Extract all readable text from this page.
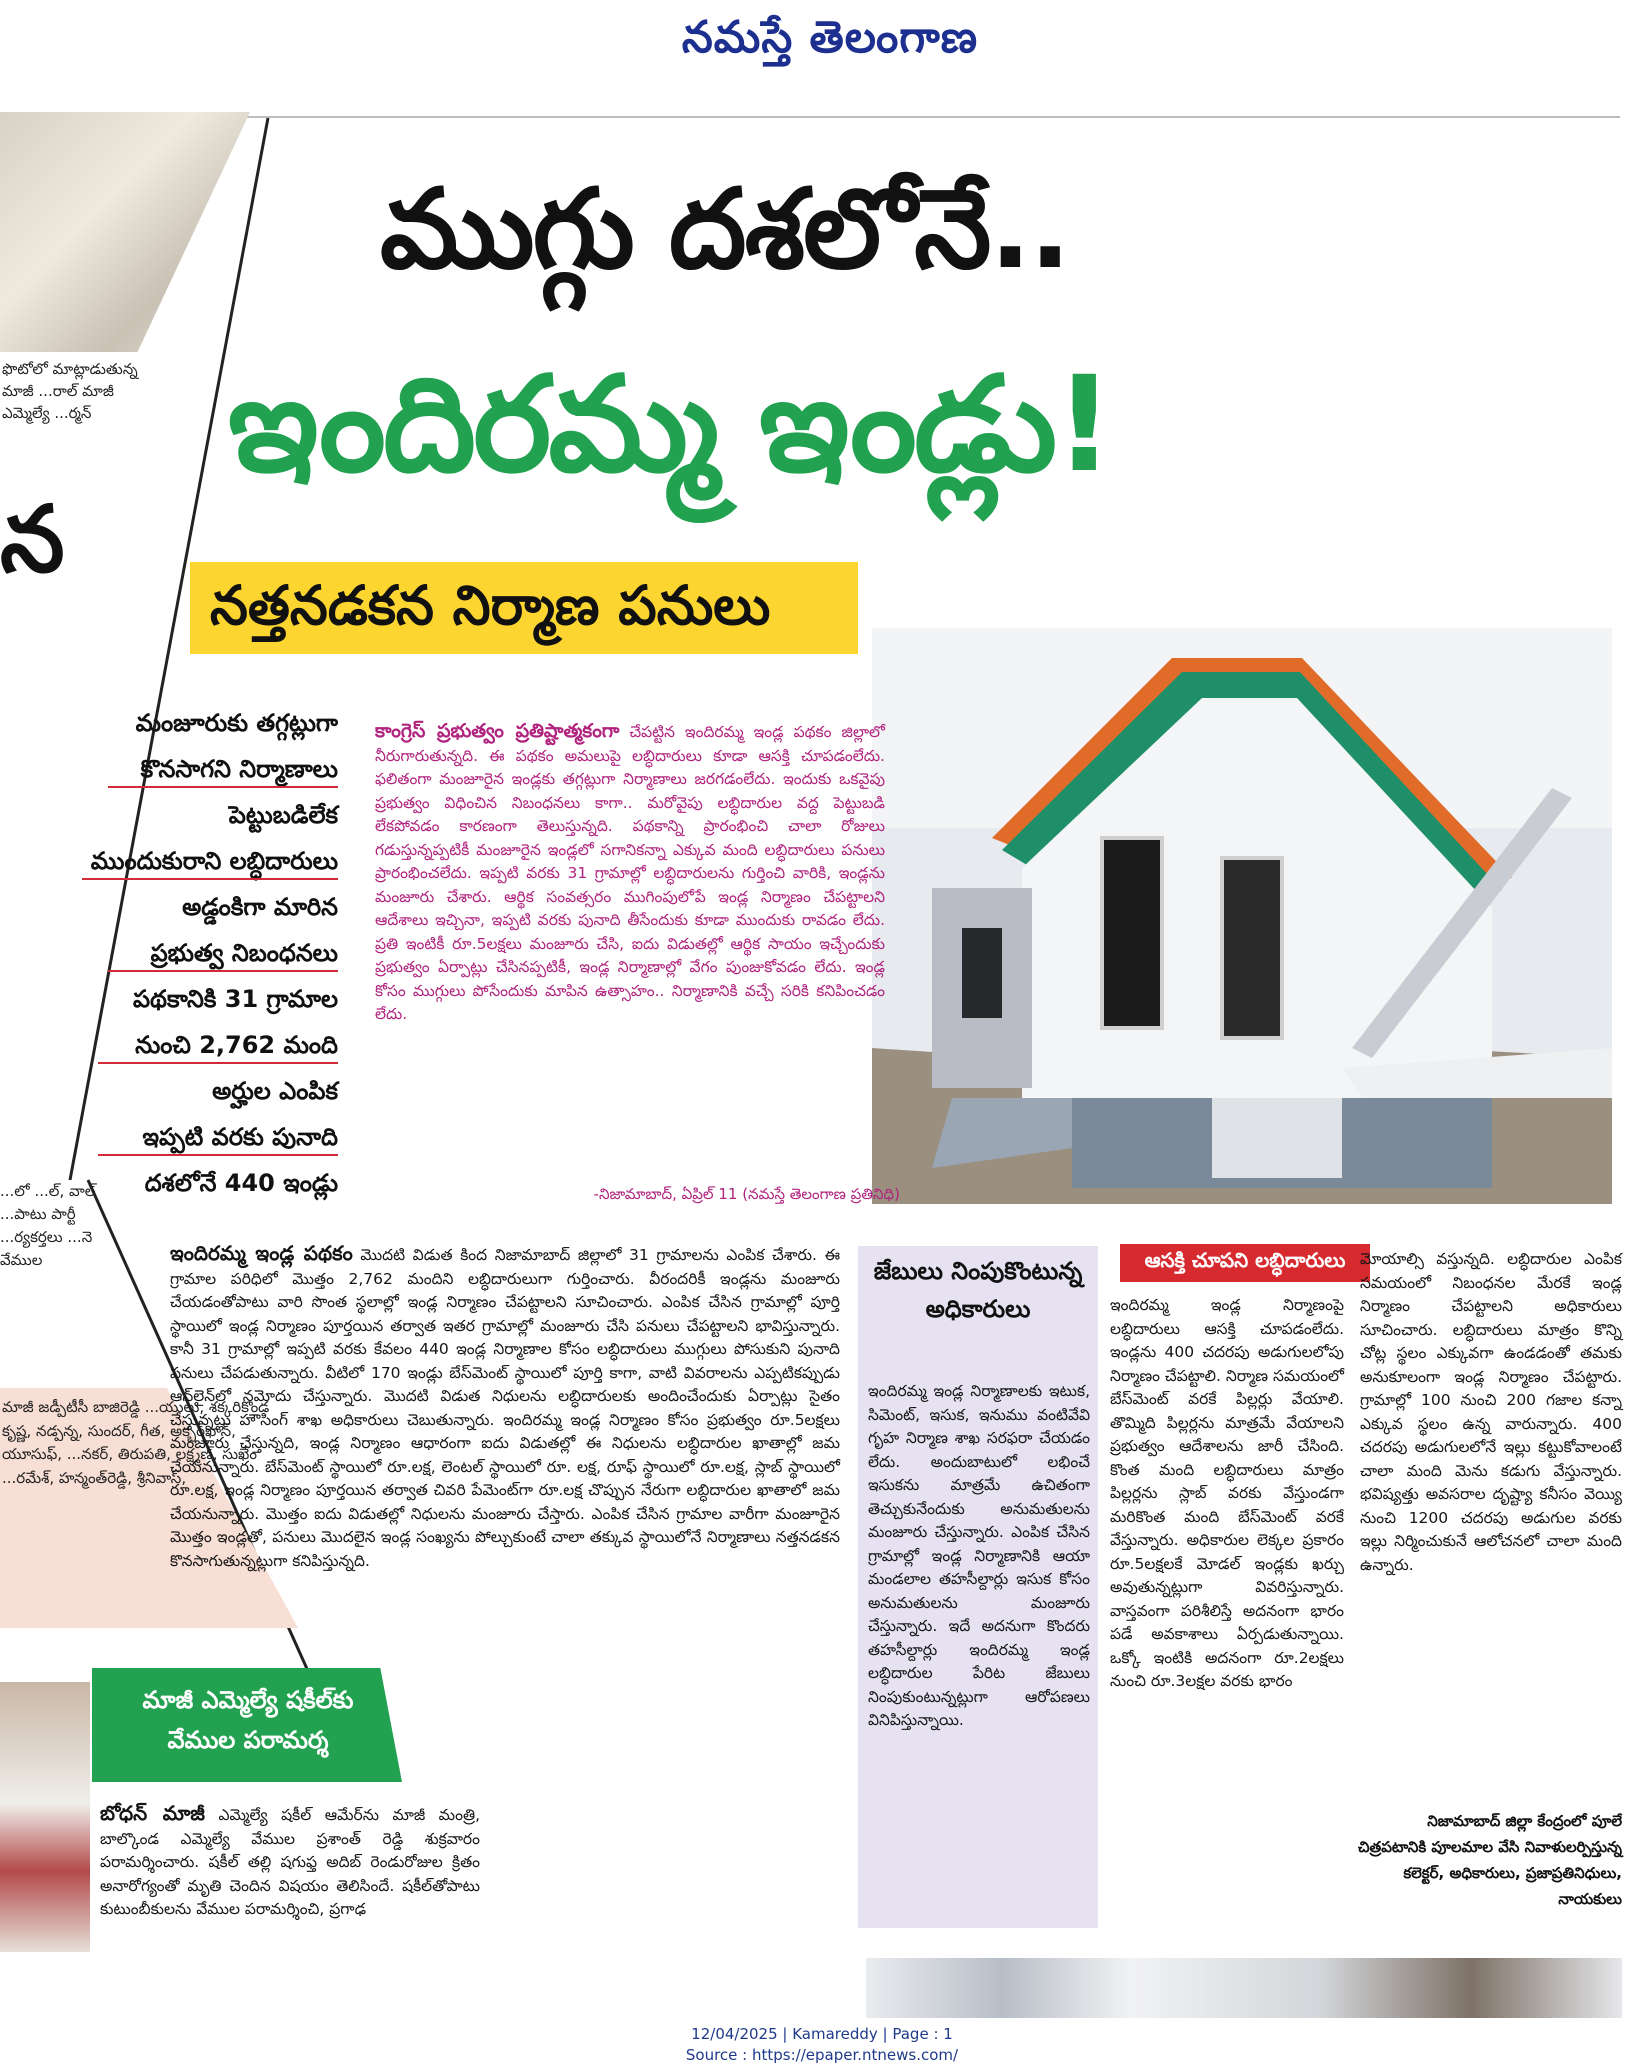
నమస్తే తెలంగాణ
ఫొటోలో మాట్లాడుతున్న మాజీ ...రాల్ మాజీ ఎమ్మెల్యే ...ర్మన్
న
...లో ...ల్, వాల్ ...పాటు పార్టీ ...ర్యకర్తలు ...నె వేముల
మాజీ జడ్పీటీసీ బాజిరెడ్డి ...యులు, శక్కరికొండ కృష్ణ, నడ్పన్న, సుందర్, గీత, అక్బర్‌ఖాన్, యూసుఫ్, ...నకర్, తిరుపతి, లక్ష్మణ్, సుఖేం ...రమేశ్, హన్మంత్‌రెడ్డి, శ్రీనివాస్,
ముగ్గు దశలోనే..
ఇందిరమ్మ ఇండ్లు!
నత్తనడకన నిర్మాణ పనులు
మంజూరుకు తగ్గట్లుగా
కొనసాగని నిర్మాణాలు
పెట్టుబడిలేక
ముందుకురాని లబ్ధిదారులు
అడ్డంకిగా మారిన
ప్రభుత్వ నిబంధనలు
పథకానికి 31 గ్రామాల
నుంచి 2,762 మంది
అర్హుల ఎంపిక
ఇప్పటి వరకు పునాది
దశలోనే 440 ఇండ్లు
కాంగ్రెస్ ప్రభుత్వం ప్రతిష్టాత్మకంగా చేపట్టిన ఇందిరమ్మ ఇండ్ల పథకం జిల్లాలో నీరుగారుతున్నది. ఈ పథకం అమలుపై లబ్ధిదారులు కూడా ఆసక్తి చూపడంలేదు. ఫలితంగా మంజూరైన ఇండ్లకు తగ్గట్లుగా నిర్మాణాలు జరగడంలేదు. ఇందుకు ఒకవైపు ప్రభుత్వం విధించిన నిబంధనలు కాగా.. మరోవైపు లబ్ధిదారుల వద్ద పెట్టుబడి లేకపోవడం కారణంగా తెలుస్తున్నది. పథకాన్ని ప్రారంభించి చాలా రోజులు గడుస్తున్నప్పటికీ మంజూరైన ఇండ్లలో సగానికన్నా ఎక్కువ మంది లబ్ధిదారులు పనులు ప్రారంభించలేదు. ఇప్పటి వరకు 31 గ్రామాల్లో లబ్ధిదారులను గుర్తించి వారికి, ఇండ్లను మంజూరు చేశారు. ఆర్థిక సంవత్సరం ముగింపులోపే ఇండ్ల నిర్మాణం చేపట్టాలని ఆదేశాలు ఇచ్చినా, ఇప్పటి వరకు పునాది తీసేందుకు కూడా ముందుకు రావడం లేదు. ప్రతి ఇంటికీ రూ.5లక్షలు మంజూరు చేసి, ఐదు విడుతల్లో ఆర్థిక సాయం ఇచ్చేందుకు ప్రభుత్వం ఏర్పాట్లు చేసినప్పటికీ, ఇండ్ల నిర్మాణాల్లో వేగం పుంజుకోవడం లేదు. ఇండ్ల కోసం ముగ్గులు పోసేందుకు మాపిన ఉత్సాహం.. నిర్మాణానికి వచ్చే సరికి కనిపించడం లేదు.
-నిజామాబాద్, ఏప్రిల్ 11 (నమస్తే తెలంగాణ ప్రతినిధి)
ఇందిరమ్మ ఇండ్ల పథకం మొదటి విడుత కింద నిజామాబాద్ జిల్లాలో 31 గ్రామాలను ఎంపిక చేశారు. ఈ గ్రామాల పరిధిలో మొత్తం 2,762 మందిని లబ్ధిదారులుగా గుర్తించారు. వీరందరికీ ఇండ్లను మంజూరు చేయడంతోపాటు వారి సొంత స్థలాల్లో ఇండ్ల నిర్మాణం చేపట్టాలని సూచించారు. ఎంపిక చేసిన గ్రామాల్లో పూర్తి స్థాయిలో ఇండ్ల నిర్మాణం పూర్తయిన తర్వాత ఇతర గ్రామాల్లో మంజూరు చేసి పనులు చేపట్టాలని భావిస్తున్నారు. కానీ 31 గ్రామాల్లో ఇప్పటి వరకు కేవలం 440 ఇండ్ల నిర్మాణాల కోసం లబ్ధిదారులు ముగ్గులు పోసుకుని పునాది పనులు చేపడుతున్నారు. వీటిలో 170 ఇండ్లు బేస్‌మెంట్ స్థాయిలో పూర్తి కాగా, వాటి వివరాలను ఎప్పటికప్పుడు ఆన్‌లైన్‌లో నమోదు చేస్తున్నారు. మొదటి విడుత నిధులను లబ్ధిదారులకు అందించేందుకు ఏర్పాట్లు సైతం చేస్తున్నట్లు హౌసింగ్ శాఖ అధికారులు చెబుతున్నారు. ఇందిరమ్మ ఇండ్ల నిర్మాణం కోసం ప్రభుత్వం రూ.5లక్షలు మంజూరు చేస్తున్నది, ఇండ్ల నిర్మాణం ఆధారంగా ఐదు విడుతల్లో ఈ నిధులను లబ్ధిదారుల ఖాతాల్లో జమ చేయనున్నారు. బేస్‌మెంట్ స్థాయిలో రూ.లక్ష, లెంటల్ స్థాయిలో రూ. లక్ష, రూఫ్ స్థాయిలో రూ.లక్ష, స్లాబ్ స్థాయిలో రూ.లక్ష, ఇండ్ల నిర్మాణం పూర్తయిన తర్వాత చివరి పేమెంట్‌గా రూ.లక్ష చొప్పున నేరుగా లబ్ధిదారుల ఖాతాలో జమ చేయనున్నారు. మొత్తం ఐదు విడుతల్లో నిధులను మంజూరు చేస్తారు. ఎంపిక చేసిన గ్రామాల వారీగా మంజూరైన మొత్తం ఇండ్లతో, పనులు మొదలైన ఇండ్ల సంఖ్యను పోల్చుకుంటే చాలా తక్కువ స్థాయిలోనే నిర్మాణాలు నత్తనడకన కొనసాగుతున్నట్లుగా కనిపిస్తున్నది.
జేబులు నింపుకొంటున్న అధికారులు
ఇందిరమ్మ ఇండ్ల నిర్మాణాలకు ఇటుక, సిమెంట్, ఇసుక, ఇనుము వంటివేవి గృహ నిర్మాణ శాఖ సరఫరా చేయడం లేదు. అందుబాటులో లభించే ఇసుకను మాత్రమే ఉచితంగా తెచ్చుకునేందుకు అనుమతులను మంజూరు చేస్తున్నారు. ఎంపిక చేసిన గ్రామాల్లో ఇండ్ల నిర్మాణానికి ఆయా మండలాల తహసీల్దార్లు ఇసుక కోసం అనుమతులను మంజూరు చేస్తున్నారు. ఇదే అదనుగా కొందరు తహసీల్దార్లు ఇందిరమ్మ ఇండ్ల లబ్ధిదారుల పేరిట జేబులు నింపుకుంటున్నట్లుగా ఆరోపణలు వినిపిస్తున్నాయి.
ఆసక్తి చూపని లబ్ధిదారులు
ఇందిరమ్మ ఇండ్ల నిర్మాణంపై లబ్ధిదారులు ఆసక్తి చూపడంలేదు. ఇండ్లను 400 చదరపు అడుగులలోపు నిర్మాణం చేపట్టాలి. నిర్మాణ సమయంలో బేస్‌మెంట్ వరకే పిల్లర్లు వేయాలి. తొమ్మిది పిల్లర్లను మాత్రమే వేయాలని ప్రభుత్వం ఆదేశాలను జారీ చేసింది. కొంత మంది లబ్ధిదారులు మాత్రం పిల్లర్లను స్లాబ్ వరకు వేస్తుండగా మరికొంత మంది బేస్‌మెంట్ వరకే వేస్తున్నారు. అధికారుల లెక్కల ప్రకారం రూ.5లక్షలకే మోడల్ ఇండ్లకు ఖర్చు అవుతున్నట్లుగా వివరిస్తున్నారు. వాస్తవంగా పరిశీలిస్తే అదనంగా భారం పడే అవకాశాలు ఏర్పడుతున్నాయి. ఒక్కో ఇంటికి అదనంగా రూ.2లక్షలు నుంచి రూ.3లక్షల వరకు భారం
మోయాల్సి వస్తున్నది. లబ్ధిదారుల ఎంపిక సమయంలో నిబంధనల మేరకే ఇండ్ల నిర్మాణం చేపట్టాలని అధికారులు సూచించారు. లబ్ధిదారులు మాత్రం కొన్ని చోట్ల స్థలం ఎక్కువగా ఉండడంతో తమకు అనుకూలంగా ఇండ్ల నిర్మాణం చేపట్టారు. గ్రామాల్లో 100 నుంచి 200 గజాల కన్నా ఎక్కువ స్థలం ఉన్న వారున్నారు. 400 చదరపు అడుగులలోనే ఇల్లు కట్టుకోవాలంటే చాలా మంది మెను కడుగు వేస్తున్నారు. భవిష్యత్తు అవసరాల దృష్ట్యా కనీసం వెయ్యి నుంచి 1200 చదరపు అడుగుల వరకు ఇల్లు నిర్మించుకునే ఆలోచనలో చాలా మంది ఉన్నారు.
మాజీ ఎమ్మెల్యే షకీల్‌కు వేముల పరామర్శ
బోధన్ మాజీ ఎమ్మెల్యే షకీల్ ఆమేర్‌ను మాజీ మంత్రి, బాల్కొండ ఎమ్మెల్యే వేముల ప్రశాంత్ రెడ్డి శుక్రవారం పరామర్శించారు. షకీల్ తల్లి షగుఫ్త అదిబ్ రెండురోజుల క్రితం అనారోగ్యంతో మృతి చెందిన విషయం తెలిసిందే. షకీల్‌తోపాటు కుటుంబీకులను వేముల పరామర్శించి, ప్రగాఢ
నిజామాబాద్ జిల్లా కేంద్రంలో పూలే
చిత్రపటానికి పూలమాల వేసి నివాళులర్పిస్తున్న
కలెక్టర్, అధికారులు, ప్రజాప్రతినిధులు,
నాయకులు
12/04/2025 | Kamareddy | Page : 1
Source : https://epaper.ntnews.com/
